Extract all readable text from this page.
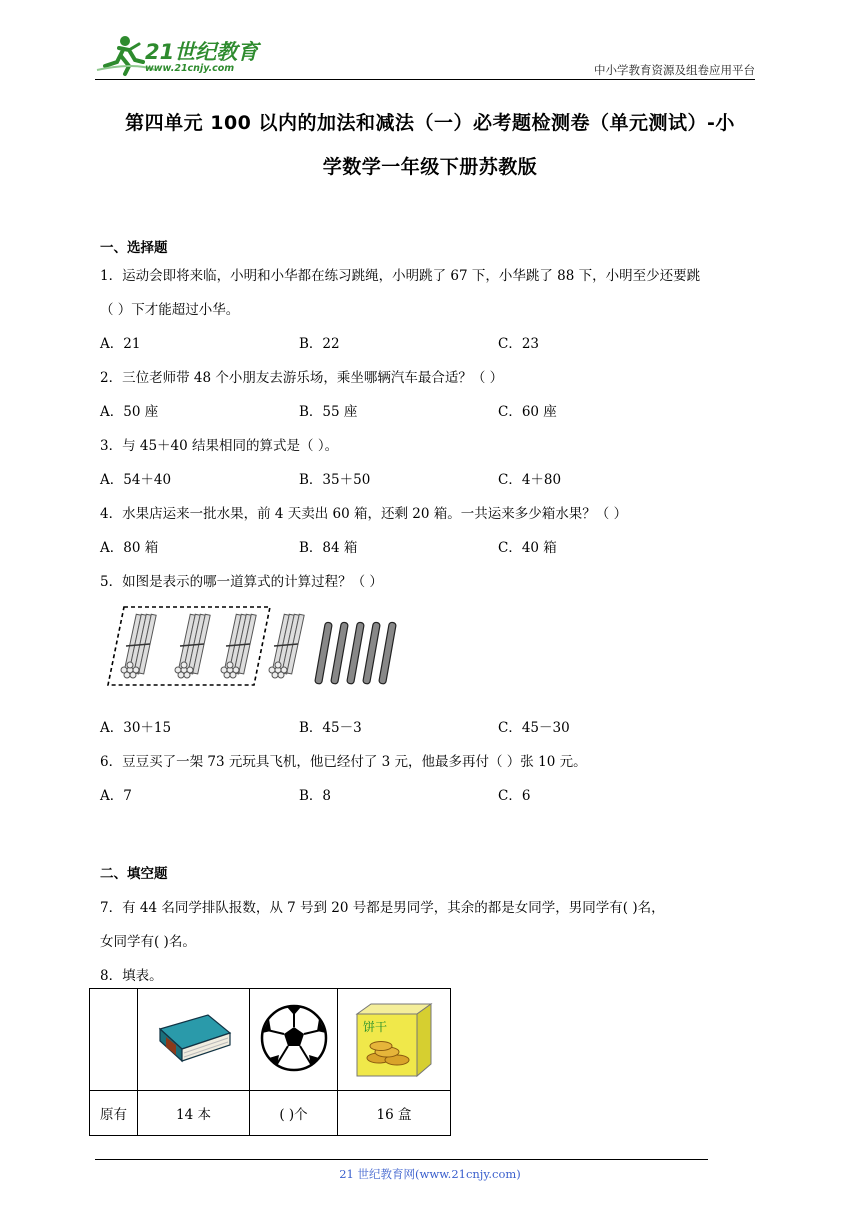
21世纪教育
www.21cnjy.com	中小学教育资源及组卷应用平台
第四单元 100 以内的加法和减法（一）必考题检测卷（单元测试）-小
学数学一年级下册苏教版
一、选择题
1．运动会即将来临，小明和小华都在练习跳绳，小明跳了 67 下，小华跳了 88 下，小明至少还要跳
（ ）下才能超过小华。
A．21	B．22	C．23
2．三位老师带 48 个小朋友去游乐场，乘坐哪辆汽车最合适？（ ）
A．50 座	B．55 座	C．60 座
3．与 45＋40 结果相同的算式是（ ）。
A．54＋40	B．35＋50	C．4＋80
4．水果店运来一批水果，前 4 天卖出 60 箱，还剩 20 箱。一共运来多少箱水果？（ ）
A．80 箱	B．84 箱	C．40 箱
5．如图是表示的哪一道算式的计算过程？（ ）
A．30＋15	B．45－3	C．45－30
6．豆豆买了一架 73 元玩具飞机，他已经付了 3 元，他最多再付（ ）张 10 元。
A．7	B．8	C．6
二、填空题
7．有 44 名同学排队报数，从 7 号到 20 号都是男同学，其余的都是女同学，男同学有( )名，
女同学有( )名。
8．填表。

饼干

原有	14 本	( )个	16 盒
21 世纪教育网(www.21cnjy.com)
